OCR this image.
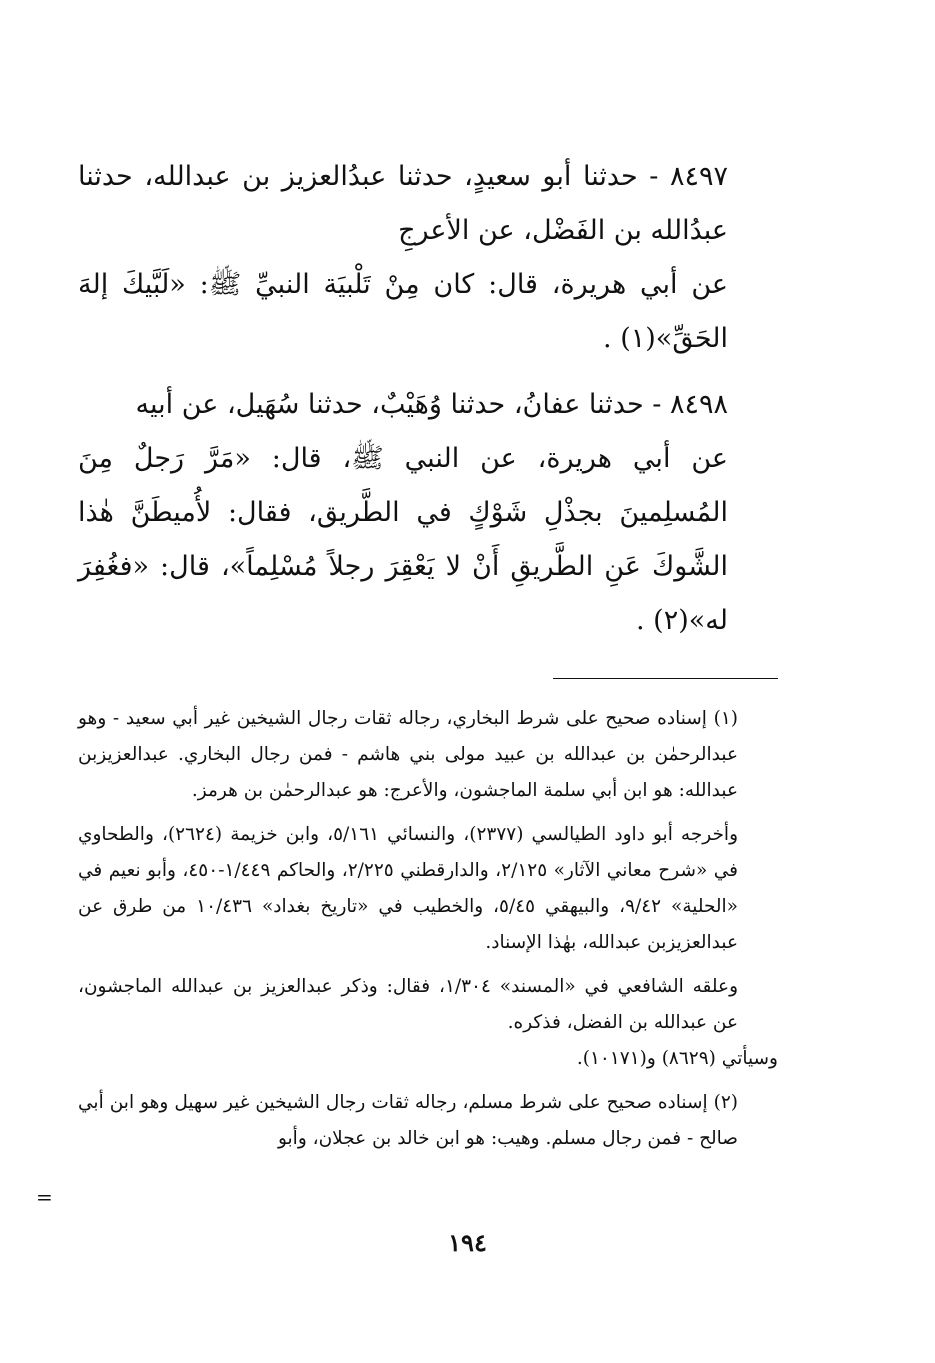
٨٤٩٧ - حدثنا أبو سعيدٍ، حدثنا عبدُالعزيز بن عبدالله، حدثنا عبدُالله بن الفَضْل، عن الأعرجِ

عن أبي هريرة، قال: كان مِنْ تَلْبيَة النبيِّ ﷺ: «لَبَّيكَ إلهَ الحَقِّ»(١) .

٨٤٩٨ - حدثنا عفانُ، حدثنا وُهَيْبٌ، حدثنا سُهَيل، عن أبيه

عن أبي هريرة، عن النبي ﷺ، قال: «مَرَّ رَجلٌ مِنَ المُسلِمينَ بجذْلِ شَوْكٍ في الطَّريق، فقال: لأُميطَنَّ هٰذا الشَّوكَ عَنِ الطَّريقِ أَنْ لا يَعْقِرَ رجلاً مُسْلِماً»، قال: «فغُفِرَ له»(٢) .

(١) إسناده صحيح على شرط البخاري، رجاله ثقات رجال الشيخين غير أبي سعيد - وهو عبدالرحمٰن بن عبدالله بن عبيد مولى بني هاشم - فمن رجال البخاري. عبدالعزيزبن عبدالله: هو ابن أبي سلمة الماجشون، والأعرج: هو عبدالرحمٰن بن هرمز.

وأخرجه أبو داود الطيالسي (٢٣٧٧)، والنسائي ٥/١٦١، وابن خزيمة (٢٦٢٤)، والطحاوي في «شرح معاني الآثار» ٢/١٢٥، والدارقطني ٢/٢٢٥، والحاكم ١/٤٤٩-٤٥٠، وأبو نعيم في «الحلية» ٩/٤٢، والبيهقي ٥/٤٥، والخطيب في «تاريخ بغداد» ١٠/٤٣٦ من طرق عن عبدالعزيزبن عبدالله، بهٰذا الإسناد.

وعلقه الشافعي في «المسند» ١/٣٠٤، فقال: وذكر عبدالعزيز بن عبدالله الماجشون، عن عبدالله بن الفضل، فذكره.

وسيأتي (٨٦٢٩) و(١٠١٧١).

(٢) إسناده صحيح على شرط مسلم، رجاله ثقات رجال الشيخين غير سهيل وهو ابن أبي صالح - فمن رجال مسلم. وهيب: هو ابن خالد بن عجلان، وأبو

=
١٩٤
